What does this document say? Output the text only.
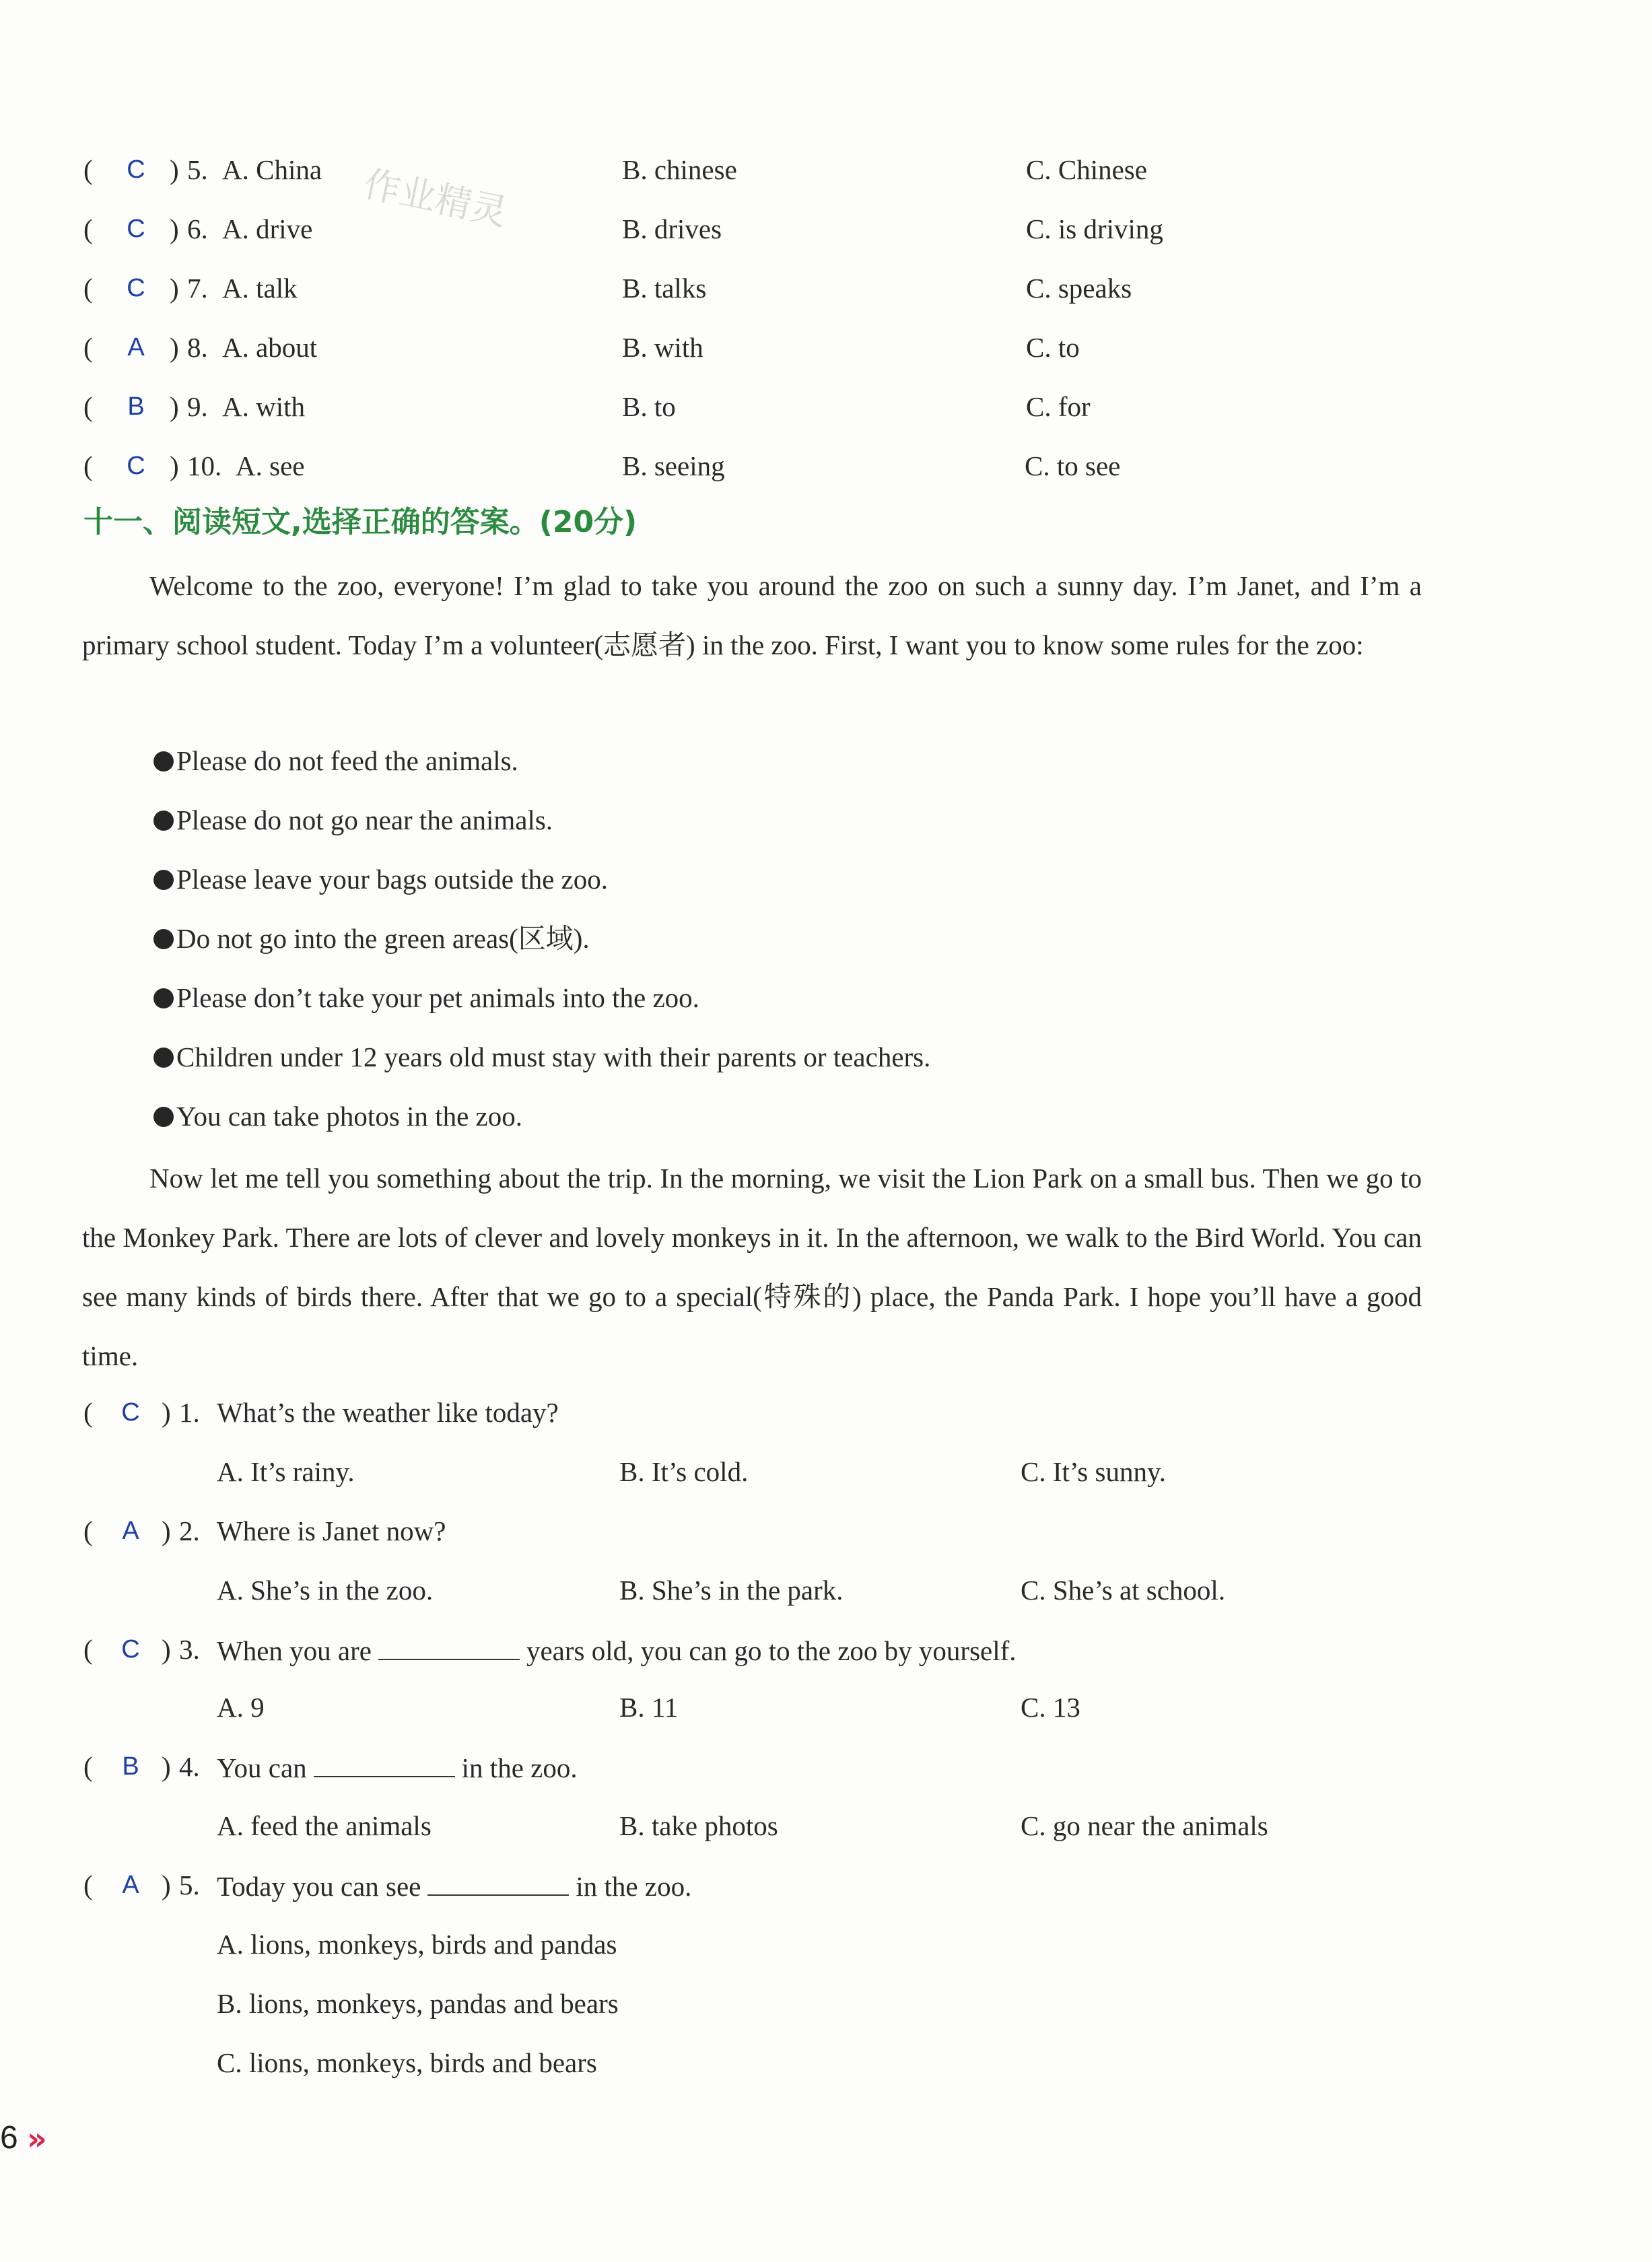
作业精灵
(	C ) 5. A. China	B. chinese	C. Chinese
(	C ) 6. A. drive	B. drives	C. is driving
(	C ) 7. A. talk	B. talks	C. speaks
(	A ) 8. A. about	B. with	C. to
(	B ) 9. A. with	B. to	C. for
(	C ) 10. A. see	B. seeing	C. to see
十一、阅读短文,选择正确的答案。(20分)
Welcome to the zoo, everyone! I’m glad to take you around the zoo on such a sunny day. I’m Janet, and I’m a primary school student. Today I’m a volunteer(志愿者) in the zoo. First, I want you to know some rules for the zoo:
Please do not feed the animals.
Please do not go near the animals.
Please leave your bags outside the zoo.
Do not go into the green areas(区域).
Please don’t take your pet animals into the zoo.
Children under 12 years old must stay with their parents or teachers.
You can take photos in the zoo.
Now let me tell you something about the trip. In the morning, we visit the Lion Park on a small bus. Then we go to the Monkey Park. There are lots of clever and lovely monkeys in it. In the afternoon, we walk to the Bird World. You can see many kinds of birds there. After that we go to a special(特殊的) place, the Panda Park. I hope you’ll have a good time.
(	C ) 1. What’s the weather like today?
A. It’s rainy.	B. It’s cold.	C. It’s sunny.
(	A ) 2. Where is Janet now?
A. She’s in the zoo.	B. She’s in the park.	C. She’s at school.
(	C ) 3. When you are	years old, you can go to the zoo by yourself.
A. 9	B. 11	C. 13
(	B ) 4. You can	in the zoo.
A. feed the animals	B. take photos	C. go near the animals
(	A ) 5. Today you can see	in the zoo.
A. lions, monkeys, birds and pandas
B. lions, monkeys, pandas and bears
C. lions, monkeys, birds and bears
6 »
